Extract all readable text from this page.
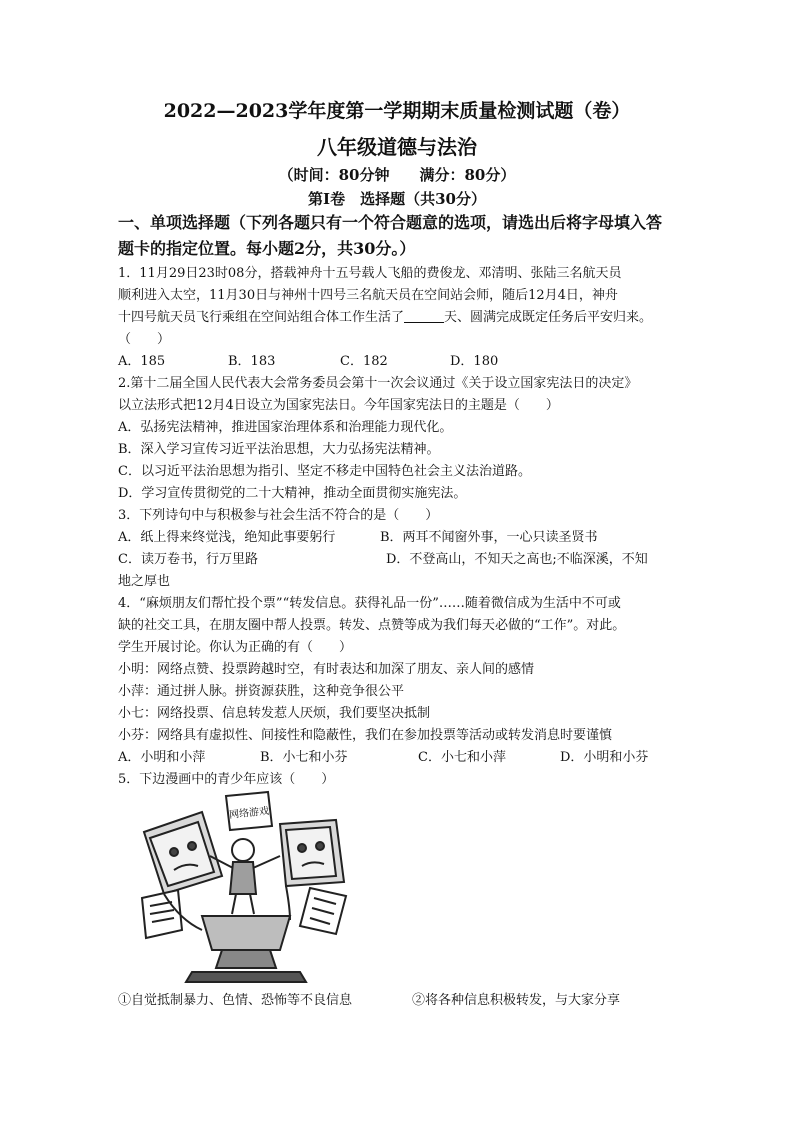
2022—2023学年度第一学期期末质量检测试题（卷）
八年级道德与法治
（时间：80分钟　　满分：80分）
第Ⅰ卷　选择题（共30分）
一、单项选择题（下列各题只有一个符合题意的选项，请选出后将字母填入答
题卡的指定位置。每小题2分，共30分。）
1．11月29日23时08分，搭载神舟十五号载人飞船的费俊龙、邓清明、张陆三名航天员
顺利进入太空，11月30日与神州十四号三名航天员在空间站会师，随后12月4日，神舟
十四号航天员飞行乘组在空间站组合体工作生活了	天、圆满完成既定任务后平安归来。
（　　）
A．185	B．183	C．182	D．180
2.第十二届全国人民代表大会常务委员会第十一次会议通过《关于设立国家宪法日的决定》
以立法形式把12月4日设立为国家宪法日。今年国家宪法日的主题是（　　）
A．弘扬宪法精神，推进国家治理体系和治理能力现代化。
B．深入学习宣传习近平法治思想，大力弘扬宪法精神。
C．以习近平法治思想为指引、坚定不移走中国特色社会主义法治道路。
D．学习宣传贯彻党的二十大精神，推动全面贯彻实施宪法。
3．下列诗句中与积极参与社会生活不符合的是（　　）
A．纸上得来终觉浅，绝知此事要躬行	B．两耳不闻窗外事，一心只读圣贤书
C．读万卷书，行万里路	D．不登高山，不知天之高也;不临深溪，不知
地之厚也
4．“麻烦朋友们帮忙投个票”“转发信息。获得礼品一份”……随着微信成为生活中不可或
缺的社交工具，在朋友圈中帮人投票。转发、点赞等成为我们每天必做的“工作”。对此。
学生开展讨论。你认为正确的有（　　）
小明：网络点赞、投票跨越时空，有时表达和加深了朋友、亲人间的感情
小萍：通过拼人脉。拼资源获胜，这种竞争很公平
小七：网络投票、信息转发惹人厌烦，我们要坚决抵制
小芬：网络具有虚拟性、间接性和隐蔽性，我们在参加投票等活动或转发消息时要谨慎
A．小明和小萍	B．小七和小芬	C．小七和小萍	D．小明和小芬
5．下边漫画中的青少年应该（　　）
网络游戏
①自觉抵制暴力、色情、恐怖等不良信息	②将各种信息积极转发，与大家分享
